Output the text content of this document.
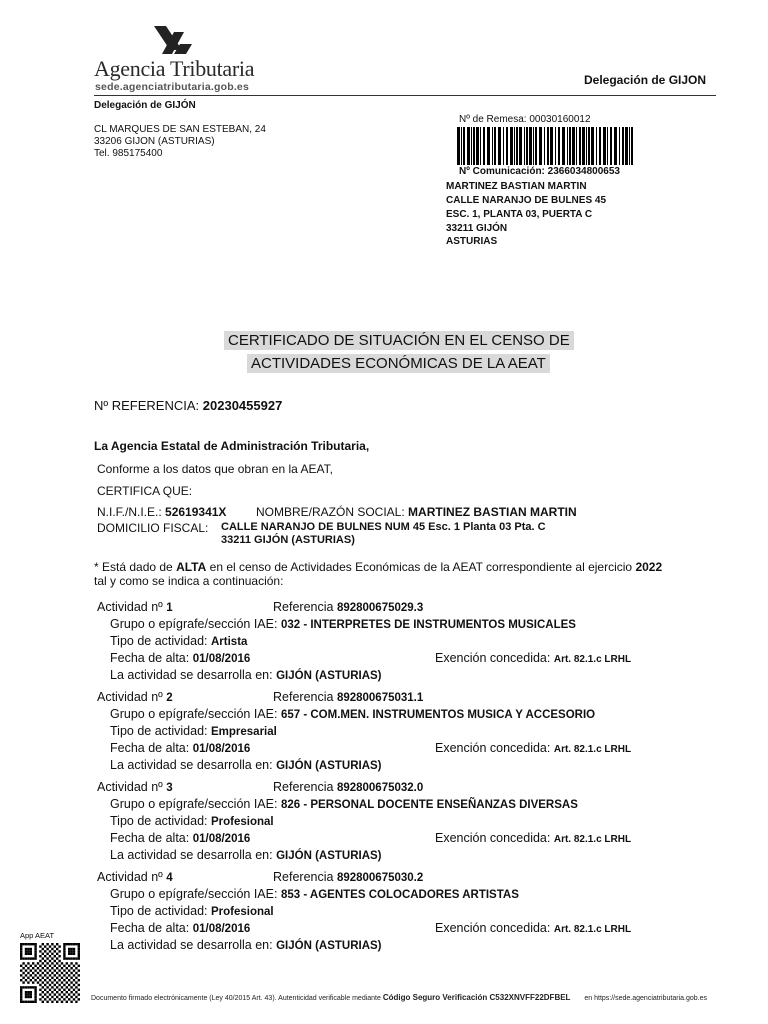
Agencia Tributaria
sede.agenciatributaria.gob.es	Delegación de GIJON
Delegación de GIJÓN
CL MARQUES DE SAN ESTEBAN, 24
33206 GIJON (ASTURIAS)
Tel. 985175400
Nº de Remesa: 00030160012
Nº Comunicación: 2366034800653
MARTINEZ BASTIAN MARTIN
CALLE NARANJO DE BULNES 45
ESC. 1, PLANTA 03, PUERTA C
33211 GIJÓN
ASTURIAS
CERTIFICADO DE SITUACIÓN EN EL CENSO DE
ACTIVIDADES ECONÓMICAS DE LA AEAT
Nº REFERENCIA: 20230455927
La Agencia Estatal de Administración Tributaria,
Conforme a los datos que obran en la AEAT,
CERTIFICA QUE:
N.I.F./N.I.E.: 52619341X NOMBRE/RAZÓN SOCIAL: MARTINEZ BASTIAN MARTIN
DOMICILIO FISCAL: CALLE NARANJO DE BULNES NUM 45 Esc. 1 Planta 03 Pta. C
33211 GIJÓN (ASTURIAS)
* Está dado de ALTA en el censo de Actividades Económicas de la AEAT correspondiente al ejercicio 2022
tal y como se indica a continuación:
Actividad nº 1	Referencia 892800675029.3
Grupo o epígrafe/sección IAE: 032 - INTERPRETES DE INSTRUMENTOS MUSICALES
Tipo de actividad: Artista
Fecha de alta: 01/08/2016	Exención concedida: Art. 82.1.c LRHL
La actividad se desarrolla en: GIJÓN (ASTURIAS)
Actividad nº 2	Referencia 892800675031.1
Grupo o epígrafe/sección IAE: 657 - COM.MEN. INSTRUMENTOS MUSICA Y ACCESORIO
Tipo de actividad: Empresarial
Fecha de alta: 01/08/2016	Exención concedida: Art. 82.1.c LRHL
La actividad se desarrolla en: GIJÓN (ASTURIAS)
Actividad nº 3	Referencia 892800675032.0
Grupo o epígrafe/sección IAE: 826 - PERSONAL DOCENTE ENSEÑANZAS DIVERSAS
Tipo de actividad: Profesional
Fecha de alta: 01/08/2016	Exención concedida: Art. 82.1.c LRHL
La actividad se desarrolla en: GIJÓN (ASTURIAS)
Actividad nº 4	Referencia 892800675030.2
Grupo o epígrafe/sección IAE: 853 - AGENTES COLOCADORES ARTISTAS
Tipo de actividad: Profesional
Fecha de alta: 01/08/2016	Exención concedida: Art. 82.1.c LRHL
La actividad se desarrolla en: GIJÓN (ASTURIAS)
App AEAT
Documento firmado electrónicamente (Ley 40/2015 Art. 43). Autenticidad verificable mediante Código Seguro Verificación C532XNVFF22DFBEL en https://sede.agenciatributaria.gob.es
